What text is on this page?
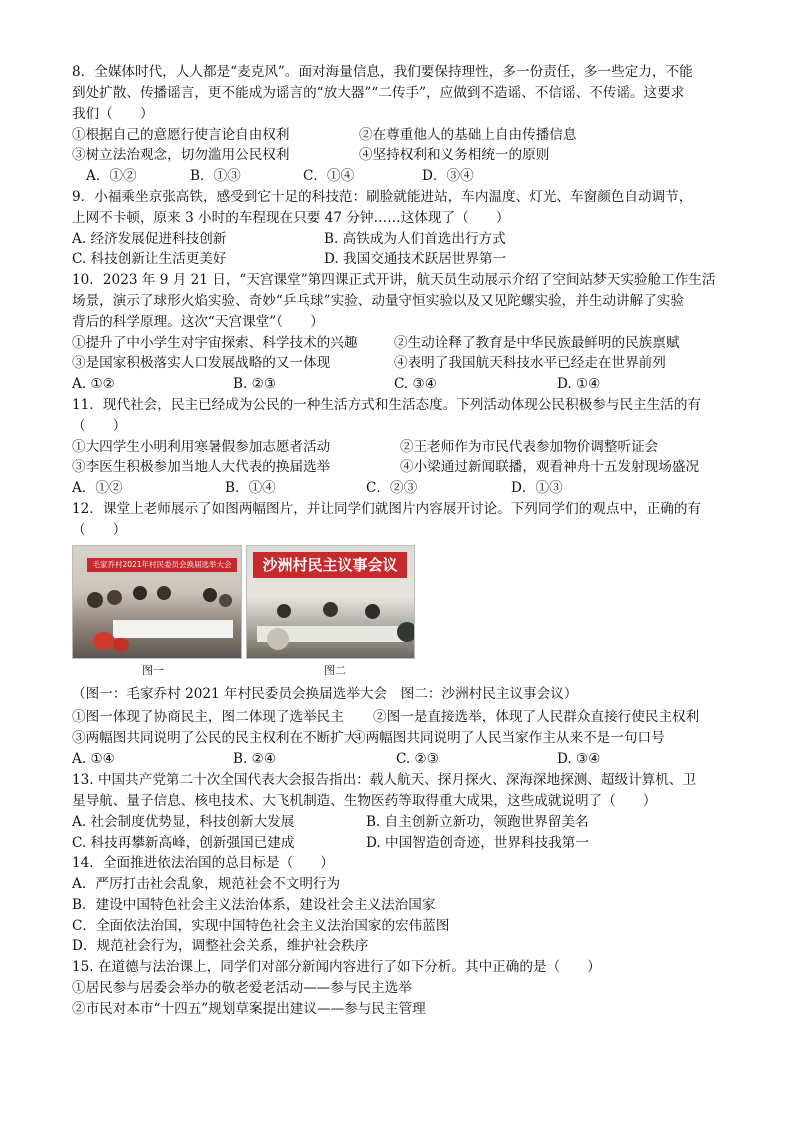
8．全媒体时代，人人都是“麦克风”。面对海量信息，我们要保持理性，多一份责任，多一些定力，不能
到处扩散、传播谣言，更不能成为谣言的“放大器”“二传手”，应做到不造谣、不信谣、不传谣。这要求
我们（　　）
①根据自己的意愿行使言论自由权利	②在尊重他人的基础上自由传播信息
③树立法治观念，切勿滥用公民权利	④坚持权利和义务相统一的原则
A．①②	B．①③	C．①④	D．③④
9．小福乘坐京张高铁，感受到它十足的科技范：刷脸就能进站，车内温度、灯光、车窗颜色自动调节，
上网不卡顿，原来 3 小时的车程现在只要 47 分钟……这体现了（　　）
A. 经济发展促进科技创新	B. 高铁成为人们首选出行方式
C. 科技创新让生活更美好	D. 我国交通技术跃居世界第一
10．2023 年 9 月 21 日，“天宫课堂”第四课正式开讲，航天员生动展示介绍了空间站梦天实验舱工作生活
场景，演示了球形火焰实验、奇妙“乒乓球”实验、动量守恒实验以及又见陀螺实验，并生动讲解了实验
背后的科学原理。这次“天宫课堂”（　　）
①提升了中小学生对宇宙探索、科学技术的兴趣	②生动诠释了教育是中华民族最鲜明的民族禀赋
③是国家积极落实人口发展战略的又一体现	④表明了我国航天科技水平已经走在世界前列
A. ①②	B. ②③	C. ③④	D. ①④
11．现代社会，民主已经成为公民的一种生活方式和生活态度。下列活动体现公民积极参与民主生活的有
（　　）
①大四学生小明利用寒暑假参加志愿者活动	②王老师作为市民代表参加物价调整听证会
③李医生积极参加当地人大代表的换届选举	④小梁通过新闻联播，观看神舟十五发射现场盛况
A．①②	B．①④	C．②③	D．①③
12．课堂上老师展示了如图两幅图片，并让同学们就图片内容展开讨论。下列同学们的观点中，正确的有
（　　）
毛家乔村2021年村民委员会换届选举大会	沙洲村民主议事会议
图一	图二
（图一：毛家乔村 2021 年村民委员会换届选举大会　图二：沙洲村民主议事会议）
①图一体现了协商民主，图二体现了选举民主 ②图一是直接选举，体现了人民群众直接行使民主权利
③两幅图共同说明了公民的民主权利在不断扩大
④两幅图共同说明了人民当家作主从来不是一句口号
A. ①④	B. ②④	C. ②③	D. ③④
13. 中国共产党第二十次全国代表大会报告指出：载人航天、探月探火、深海深地探测、超级计算机、卫
星导航、量子信息、核电技术、大飞机制造、生物医药等取得重大成果，这些成就说明了（　　）
A. 社会制度优势显，科技创新大发展	B. 自主创新立新功，领跑世界留美名
C. 科技再攀新高峰，创新强国已建成	D. 中国智造创奇迹，世界科技我第一
14．全面推进依法治国的总目标是（　　）
A．严厉打击社会乱象，规范社会不文明行为
B．建设中国特色社会主义法治体系，建设社会主义法治国家
C．全面依法治国，实现中国特色社会主义法治国家的宏伟蓝图
D．规范社会行为，调整社会关系，维护社会秩序
15. 在道德与法治课上，同学们对部分新闻内容进行了如下分析。其中正确的是（　　）
①居民参与居委会举办的敬老爱老活动——参与民主选举
②市民对本市“十四五”规划草案提出建议——参与民主管理
